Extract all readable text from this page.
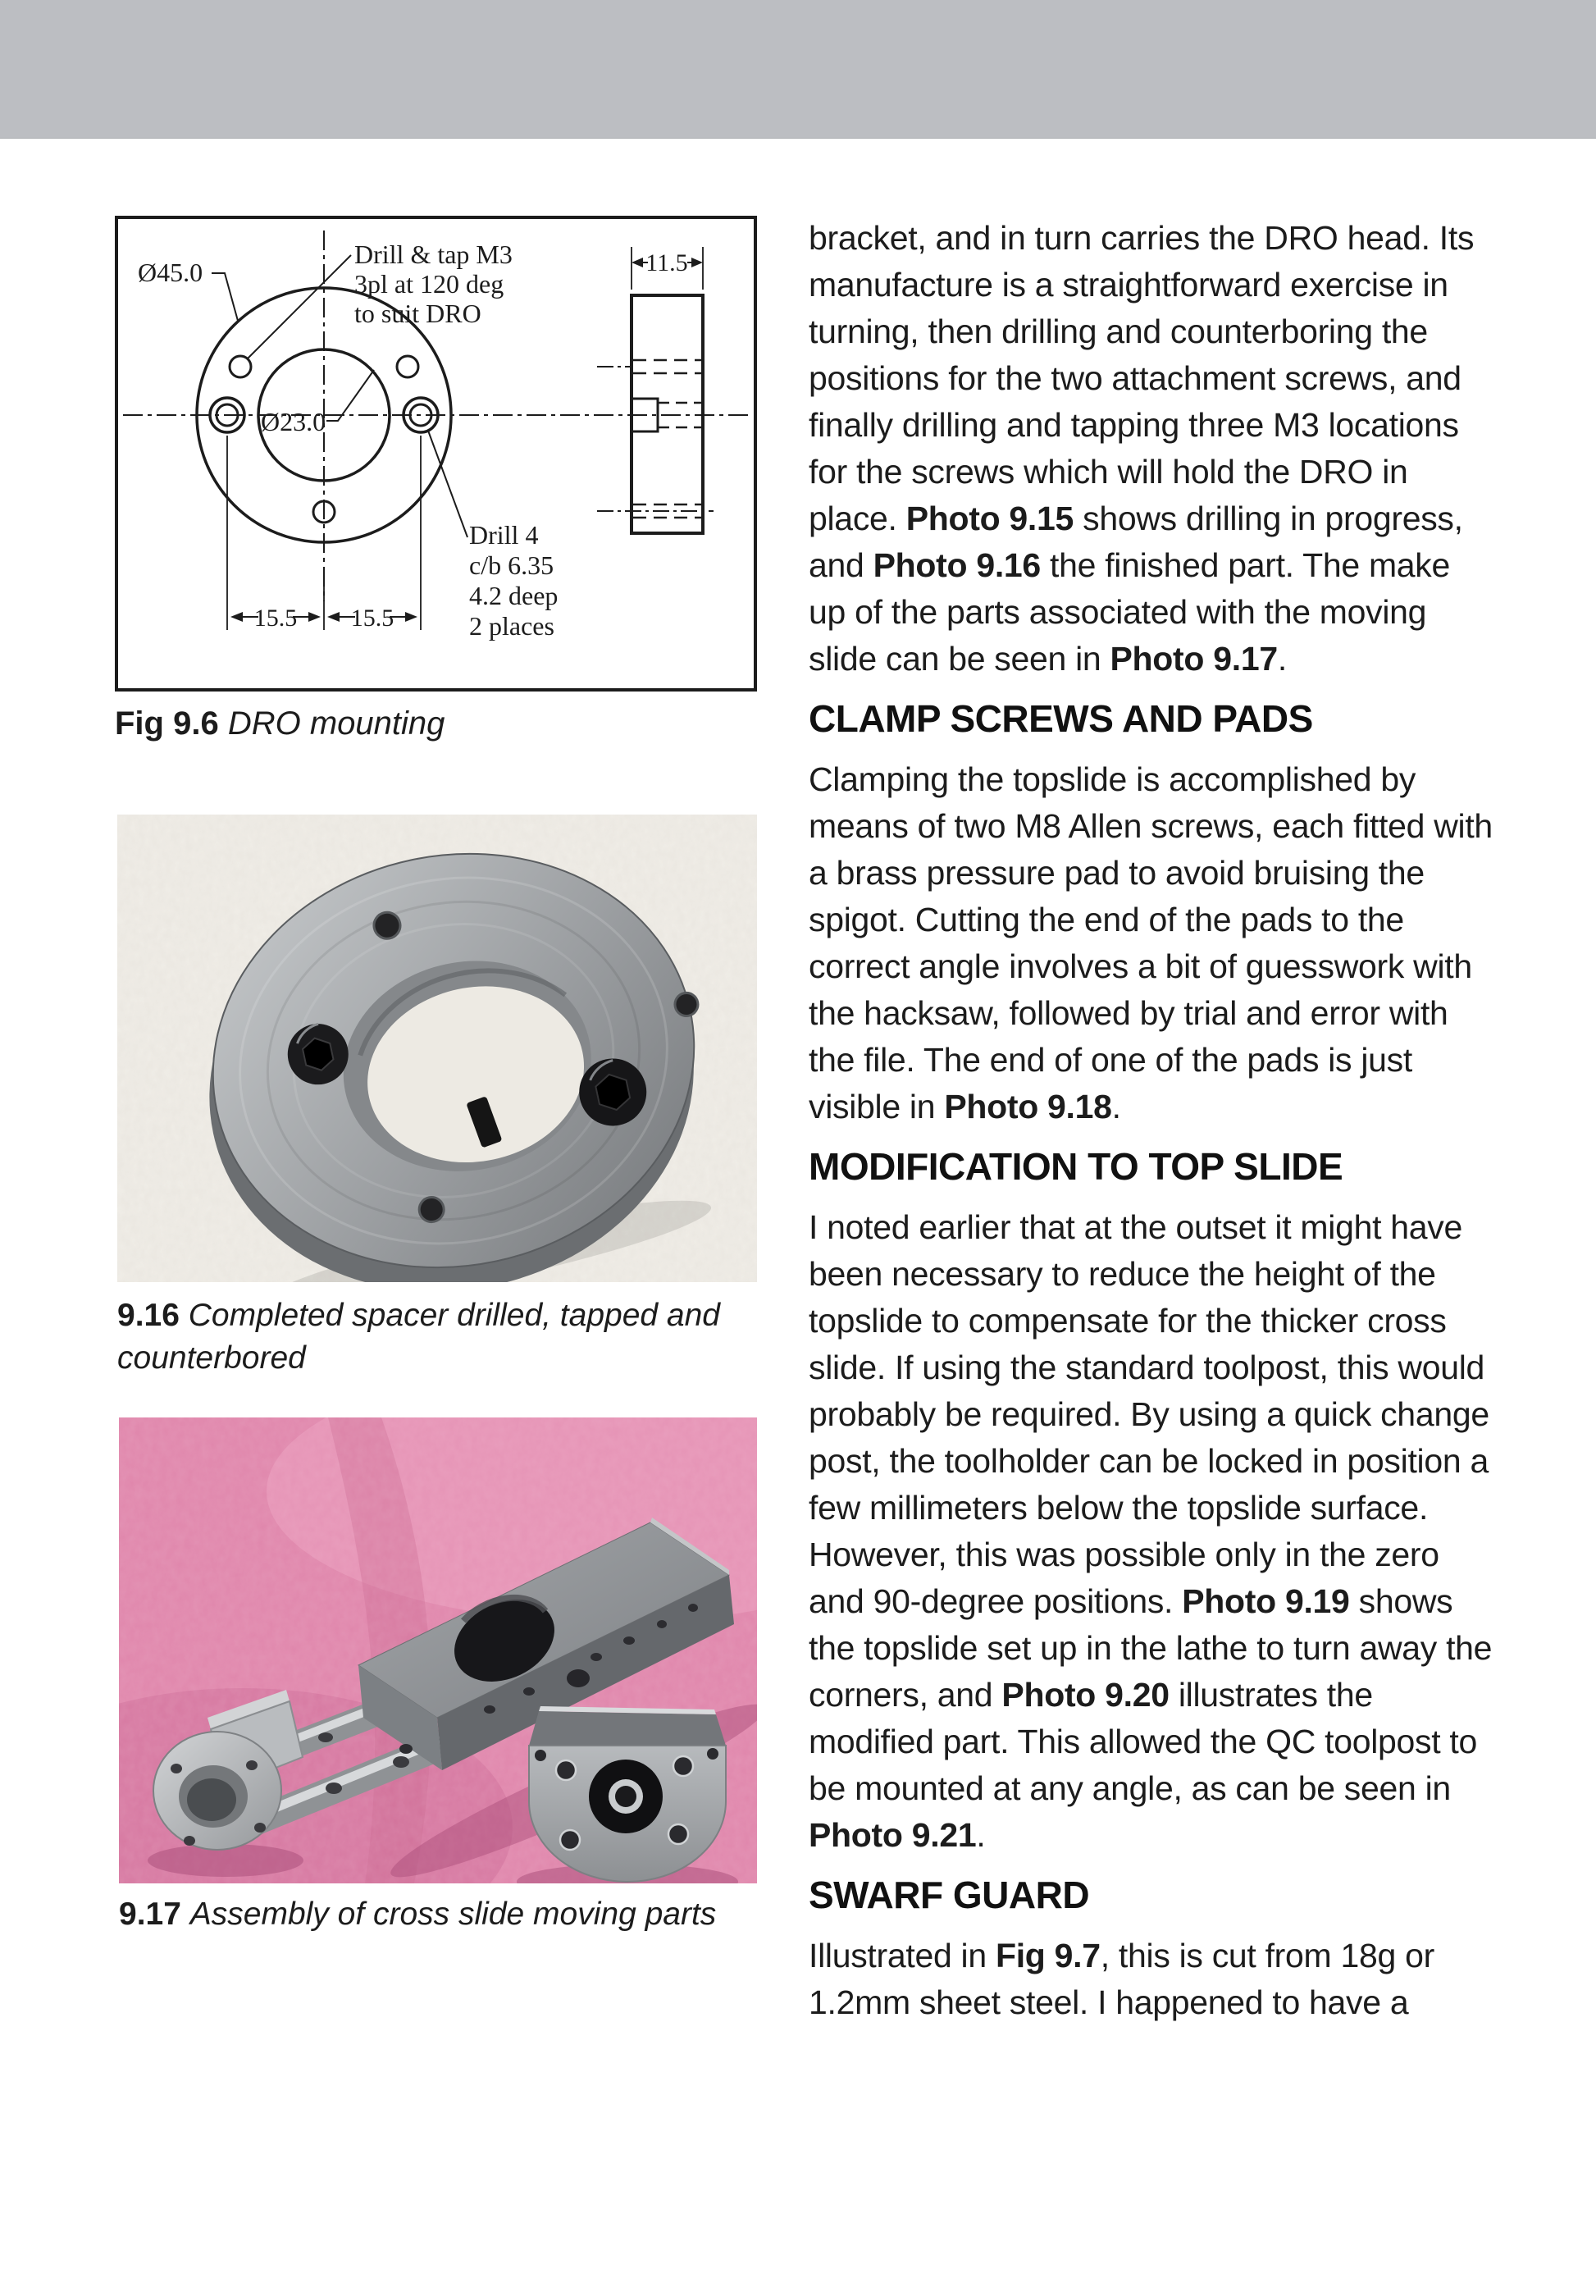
Ø45.0
Drill & tap M3
3pl at 120 deg
to suit DRO
Ø23.0
Drill 4
c/b 6.35
4.2 deep
2 places
15.5 15.5
11.5
Fig 9.6 DRO mounting
9.16 Completed spacer drilled, tapped and counterbored
9.17 Assembly of cross slide moving parts

bracket, and in turn carries the DRO head. Its manufacture is a straightforward exercise in turning, then drilling and counterboring the positions for the two attachment screws, and finally drilling and tapping three M3 locations for the screws which will hold the DRO in place. Photo 9.15 shows drilling in progress, and Photo 9.16 the finished part. The make up of the parts associated with the moving slide can be seen in Photo 9.17.

CLAMP SCREWS AND PADS

Clamping the topslide is accomplished by means of two M8 Allen screws, each fitted with a brass pressure pad to avoid bruising the spigot. Cutting the end of the pads to the correct angle involves a bit of guesswork with the hacksaw, followed by trial and error with the file. The end of one of the pads is just visible in Photo 9.18.

MODIFICATION TO TOP SLIDE

I noted earlier that at the outset it might have been necessary to reduce the height of the topslide to compensate for the thicker cross slide. If using the standard toolpost, this would probably be required. By using a quick change post, the toolholder can be locked in position a few millimeters below the topslide surface. However, this was possible only in the zero and 90-degree positions. Photo 9.19 shows the topslide set up in the lathe to turn away the corners, and Photo 9.20 illustrates the modified part. This allowed the QC toolpost to be mounted at any angle, as can be seen in Photo 9.21.

SWARF GUARD

Illustrated in Fig 9.7, this is cut from 18g or 1.2mm sheet steel. I happened to have a
